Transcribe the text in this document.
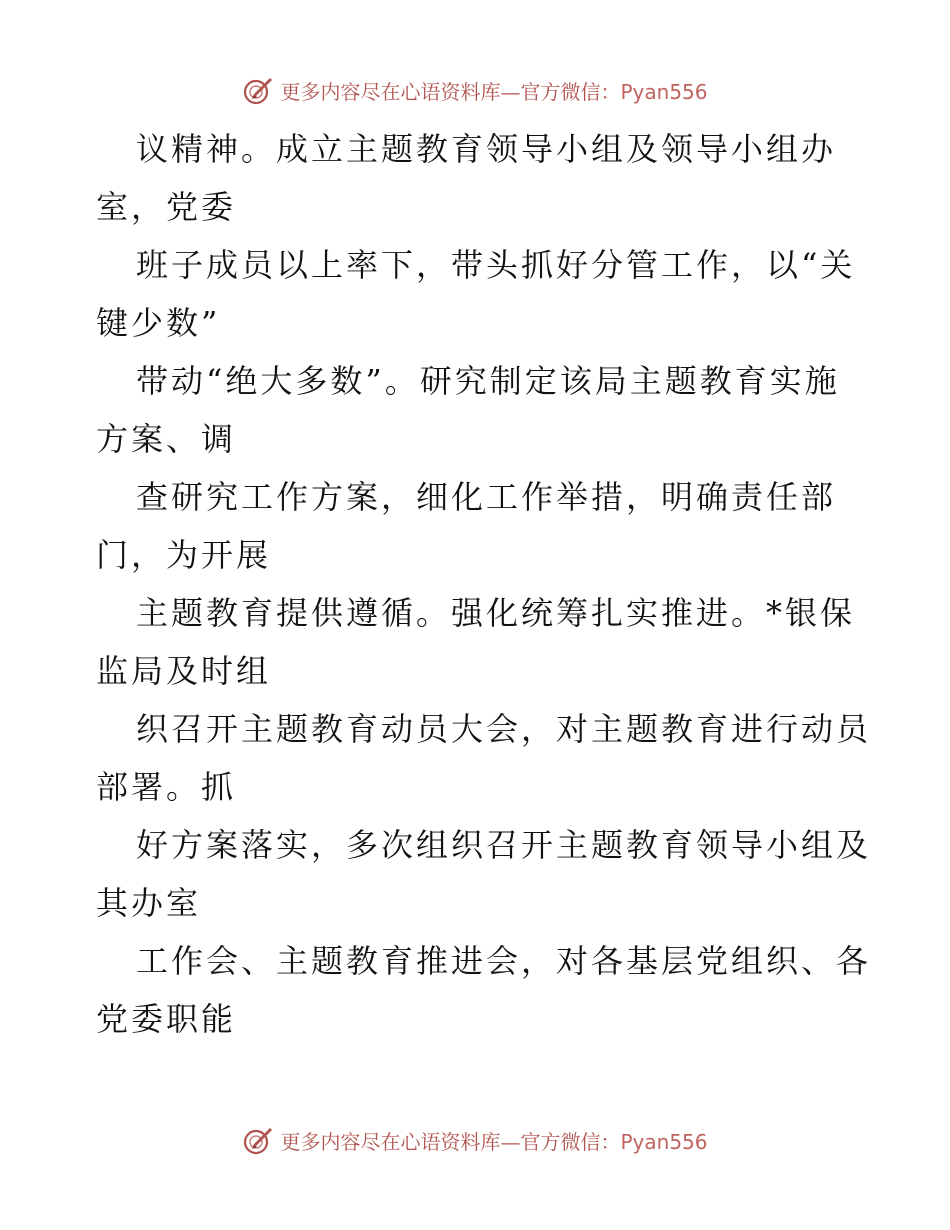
更多内容尽在心语资料库—官方微信：Pyan556
议精神。成立主题教育领导小组及领导小组办
室，党委
班子成员以上率下，带头抓好分管工作，以“关
键少数”
带动“绝大多数”。研究制定该局主题教育实施
方案、调
查研究工作方案，细化工作举措，明确责任部
门，为开展
主题教育提供遵循。强化统筹扎实推进。*银保
监局及时组
织召开主题教育动员大会，对主题教育进行动员
部署。抓
好方案落实，多次组织召开主题教育领导小组及
其办室
工作会、主题教育推进会，对各基层党组织、各
党委职能
更多内容尽在心语资料库—官方微信：Pyan556
